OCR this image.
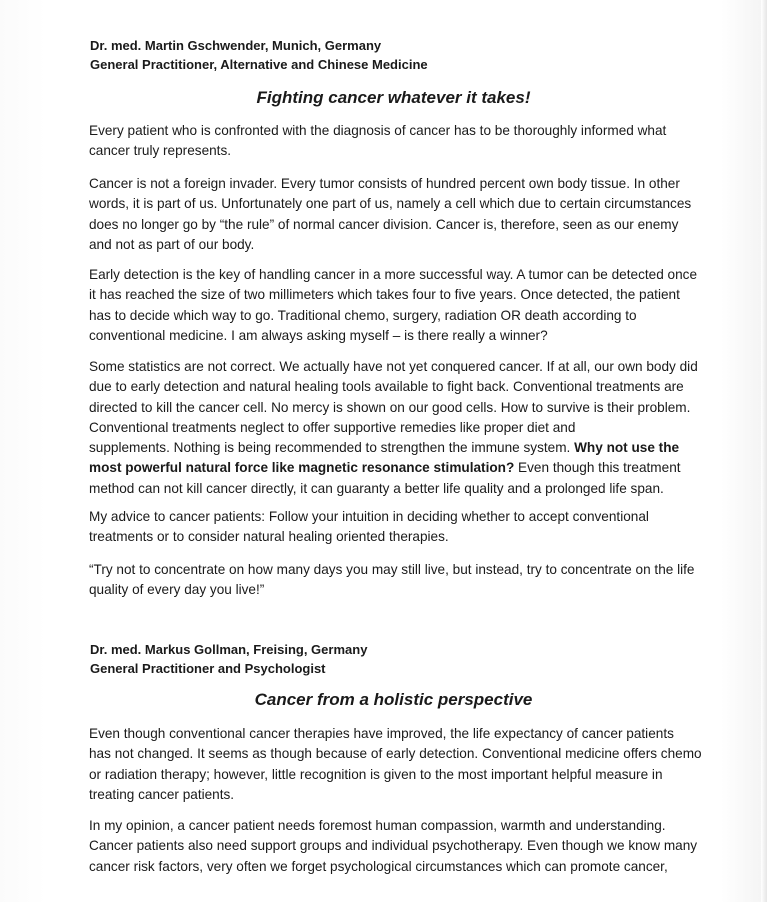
Dr. med. Martin Gschwender, Munich, Germany
General Practitioner, Alternative and Chinese Medicine
Fighting cancer whatever it takes!
Every patient who is confronted with the diagnosis of cancer has to be thoroughly informed what
cancer truly represents.
Cancer is not a foreign invader. Every tumor consists of hundred percent own body tissue. In other
words, it is part of us. Unfortunately one part of us, namely a cell which due to certain circumstances
does no longer go by “the rule” of normal cancer division. Cancer is, therefore, seen as our enemy
and not as part of our body.
Early detection is the key of handling cancer in a more successful way. A tumor can be detected once
it has reached the size of two millimeters which takes four to five years. Once detected, the patient
has to decide which way to go. Traditional chemo, surgery, radiation OR death according to
conventional medicine. I am always asking myself – is there really a winner?
Some statistics are not correct. We actually have not yet conquered cancer. If at all, our own body did
due to early detection and natural healing tools available to fight back. Conventional treatments are
directed to kill the cancer cell. No mercy is shown on our good cells. How to survive is their problem.
Conventional treatments neglect to offer supportive remedies like proper diet and
supplements. Nothing is being recommended to strengthen the immune system. Why not use the
most powerful natural force like magnetic resonance stimulation? Even though this treatment
method can not kill cancer directly, it can guaranty a better life quality and a prolonged life span.
My advice to cancer patients: Follow your intuition in deciding whether to accept conventional
treatments or to consider natural healing oriented therapies.
“Try not to concentrate on how many days you may still live, but instead, try to concentrate on the life
quality of every day you live!”
Dr. med. Markus Gollman, Freising, Germany
General Practitioner and Psychologist
Cancer from a holistic perspective
Even though conventional cancer therapies have improved, the life expectancy of cancer patients
has not changed. It seems as though because of early detection. Conventional medicine offers chemo
or radiation therapy; however, little recognition is given to the most important helpful measure in
treating cancer patients.
In my opinion, a cancer patient needs foremost human compassion, warmth and understanding.
Cancer patients also need support groups and individual psychotherapy. Even though we know many
cancer risk factors, very often we forget psychological circumstances which can promote cancer,
